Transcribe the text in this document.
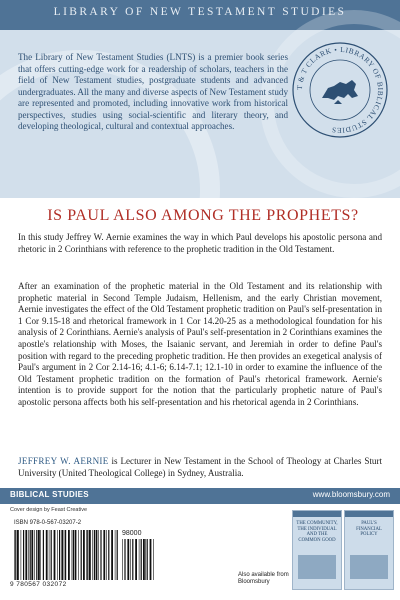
LIBRARY OF NEW TESTAMENT STUDIES
The Library of New Testament Studies (LNTS) is a premier book series that offers cutting-edge work for a readership of scholars, teachers in the field of New Testament studies, postgraduate students and advanced undergraduates. All the many and diverse aspects of New Testament study are represented and promoted, including innovative work from historical perspectives, studies using social-scientific and literary theory, and developing theological, cultural and contextual approaches.
T & T CLARK • LIBRARY OF BIBLICAL STUDIES
IS PAUL ALSO AMONG THE PROPHETS?
In this study Jeffrey W. Aernie examines the way in which Paul develops his apostolic persona and rhetoric in 2 Corinthians with reference to the prophetic tradition in the Old Testament.
After an examination of the prophetic material in the Old Testament and its relationship with prophetic material in Second Temple Judaism, Hellenism, and the early Christian movement, Aernie investigates the effect of the Old Testament prophetic tradition on Paul's self-presentation in 1 Cor 9.15-18 and rhetorical framework in 1 Cor 14.20-25 as a methodological foundation for his analysis of 2 Corinthians. Aernie's analysis of Paul's self-presentation in 2 Corinthians examines the apostle's relationship with Moses, the Isaianic servant, and Jeremiah in order to define Paul's position with regard to the preceding prophetic tradition. He then provides an exegetical analysis of Paul's argument in 2 Cor 2.14-16; 4.1-6; 6.14-7.1; 12.1-10 in order to examine the influence of the Old Testament prophetic tradition on the formation of Paul's rhetorical framework. Aernie's intention is to provide support for the notion that the particularly prophetic nature of Paul's apostolic persona affects both his self-presentation and his rhetorical agenda in 2 Corinthians.
JEFFREY W. AERNIE is Lecturer in New Testament in the School of Theology at Charles Sturt University (United Theological College) in Sydney, Australia.
BIBLICAL STUDIES	www.bloomsbury.com
Cover design by Feast Creative
ISBN 978-0-567-03207-2
98000
9 780567 032072
Also available from Bloomsbury
THE COMMUNITY, THE INDIVIDUAL AND THE COMMON GOOD
PAUL'S FINANCIAL POLICY
